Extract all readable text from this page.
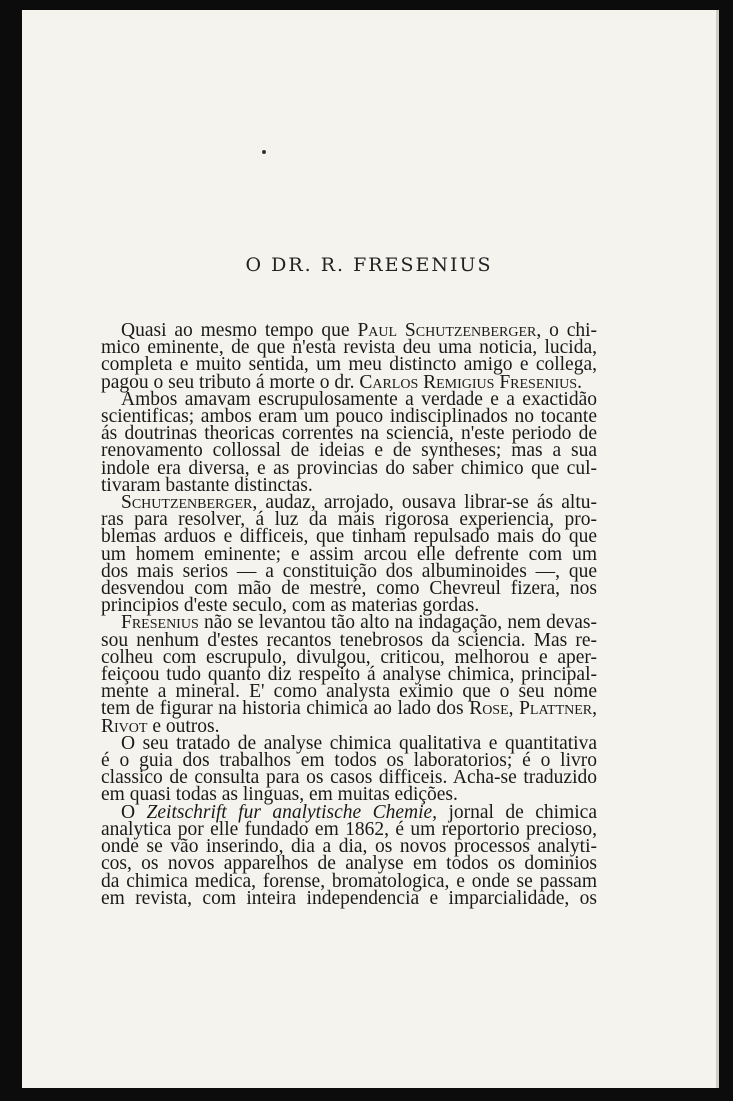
O DR. R. FRESENIUS

Quasi ao mesmo tempo que Paul Schutzenberger, o chi-
mico eminente, de que n'esta revista deu uma noticia, lucida,
completa e muito sentida, um meu distincto amigo e collega,
pagou o seu tributo á morte o dr. Carlos Remigius Fresenius.

Ambos amavam escrupulosamente a verdade e a exactidão
scientificas; ambos eram um pouco indisciplinados no tocante
ás doutrinas theoricas correntes na sciencia, n'este periodo de
renovamento collossal de ideias e de syntheses; mas a sua
indole era diversa, e as provincias do saber chimico que cul-
tivaram bastante distinctas.

Schutzenberger, audaz, arrojado, ousava librar-se ás altu-
ras para resolver, á luz da mais rigorosa experiencia, pro-
blemas arduos e difficeis, que tinham repulsado mais do que
um homem eminente; e assim arcou elle defrente com um
dos mais serios — a constituição dos albuminoides —, que
desvendou com mão de mestre, como Chevreul fizera, nos
principios d'este seculo, com as materias gordas.

Fresenius não se levantou tão alto na indagação, nem devas-
sou nenhum d'estes recantos tenebrosos da sciencia. Mas re-
colheu com escrupulo, divulgou, criticou, melhorou e aper-
feiçoou tudo quanto diz respeito á analyse chimica, principal-
mente a mineral. E' como analysta eximio que o seu nome
tem de figurar na historia chimica ao lado dos Rose, Plattner,
Rivot e outros.

O seu tratado de analyse chimica qualitativa e quantitativa
é o guia dos trabalhos em todos os laboratorios; é o livro
classico de consulta para os casos difficeis. Acha-se traduzido
em quasi todas as linguas, em muitas edições.

O Zeitschrift fur analytische Chemie, jornal de chimica
analytica por elle fundado em 1862, é um reportorio precioso,
onde se vão inserindo, dia a dia, os novos processos analyti-
cos, os novos apparelhos de analyse em todos os dominios
da chimica medica, forense, bromatologica, e onde se passam
em revista, com inteira independencia e imparcialidade, os
